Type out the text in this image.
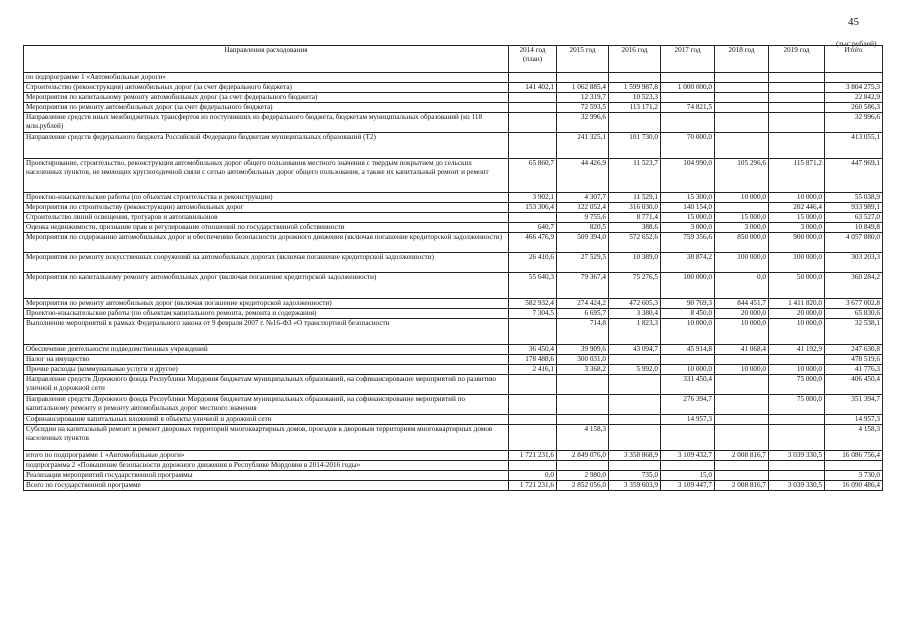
45
(тыс.рублей)
Направления расходования	2014 год (план)	2015 год	2016 год	2017 год	2018 год	2019 год	Итого
по подпрограмме 1 «Автомобильные дороги»							
Строительство (реконструкция) автомобильных дорог (за счет федерального бюджета)	141 402,1	1 062 885,4	1 599 987,8	1 000 000,0			3 804 275,3
Мероприятия по капитальному ремонту автомобильных дорог (за счет федерального бюджета)		12 319,7	10 523,3				22 842,9
Мероприятия по ремонту автомобильных дорог (за счет федерального бюджета)		72 593,5	113 171,2	74 821,5			260 586,3
Направление средств иных межбюджетных трансфертов из поступивших из федерального бюджета, бюджетам муниципальных образований (из 118 млн.рублей)		32 996,6					32 996,6
Направление средств федерального бюджета Российской Федерации бюджетам муниципальных образований (Т2)		241 325,1	101 730,0	70 000,0			413 055,1
Проектирование, строительство, реконструкция автомобильных дорог общего пользования местного значения с твердым покрытием до сельских населенных пунктов, не имеющих круглогодичной связи с сетью автомобильных дорог общего пользования, а также их капитальный ремонт и ремонт	65 860,7	44 426,9	11 523,7	104 990,0	105 296,6	115 871,2	447 969,1
Проектно-изыскательские работы (по объектам строительства и реконструкции)	3 902,1	4 307,7	11 529,1	15 300,0	10 000,0	10 000,0	55 038,9
Мероприятия по строительству (реконструкции) автомобильных дорог	153 306,4	122 052,4	316 030,0	140 154,0		202 446,4	933 989,1
Строительство линий освещения, тротуаров и автопавильонов		9 755,6	8 771,4	15 000,0	15 000,0	15 000,0	63 527,0
Оценка недвижимости, признание прав и регулирование отношений по государственной собственности	640,7	820,5	388,6	3 000,0	3 000,0	3 000,0	10 849,8
Мероприятия по содержанию автомобильных дорог и обеспечению безопасности дорожного движения (включая погашение кредиторской задолженности)	466 476,9	509 394,0	572 652,6	759 356,6	850 000,0	900 000,0	4 057 880,0
Мероприятия по ремонту искусственных сооружений на автомобильных дорогах (включая погашение кредиторской задолженности)	26 410,6	27 529,5	10 389,0	38 874,2	100 000,0	100 000,0	303 203,3
Мероприятия по капитальному ремонту автомобильных дорог (включая погашение кредиторской задолженности)	55 640,3	79 367,4	75 276,5	100 000,0	0,0	50 000,0	360 284,2
Мероприятия по ремонту автомобильных дорог (включая погашение кредиторской задолженности)	582 932,4	274 424,2	472 605,3	90 769,3	844 451,7	1 411 820,0	3 677 002,8
Проектно-изыскательские работы (по объектам капитального ремонта, ремонта и содержания)	7 304,5	6 695,7	3 380,4	8 450,0	20 000,0	20 000,0	65 830,6
Выполнение мероприятий в рамках Федерального закона от 9 февраля 2007 г. №16-ФЗ «О транспортной безопасности		714,8	1 823,3	10 000,0	10 000,0	10 000,0	32 538,1
Обеспечение деятельности подведомственных учреждений	36 450,4	39 909,6	43 094,7	45 914,8	41 068,4	41 192,9	247 630,8
Налог на имущество	178 488,6	300 031,0					478 519,6
Прочие расходы (коммунальные услуги и другое)	2 416,1	3 368,2	5 992,0	10 000,0	10 000,0	10 000,0	41 776,3
Направление средств Дорожного фонда Республики Мордовия бюджетам муниципальных образований, на софинансирование мероприятий по развитию уличной и дорожной сети				331 450,4		75 000,0	406 450,4
Направление средств Дорожного фонда Республики Мордовия бюджетам муниципальных образований, на софинансирование мероприятий по капитальному ремонту и ремонту автомобильных дорог местного значения				276 394,7		75 000,0	351 394,7
Софинансирование капитальных вложений в объекты уличной и дорожной сети				14 957,3			14 957,3
Субсидии на капитальный ремонт и ремонт дворовых территорий многоквартирных домов, проездов к дворовым территориям многоквартирных домов населенных пунктов		4 158,3					4 158,3
итого по подпрограмме 1 «Автомобильные дороги»	1 721 231,6	2 849 076,0	3 358 868,9	3 109 432,7	2 008 816,7	3 039 330,5	16 086 756,4
подпрограмма 2 «Повышение безопасности дорожного движения в Республике Мордовия в 2014-2016 годы»							
Реализация мероприятий государственной программы	0,0	2 980,0	735,0	15,0			3 730,0
Всего по государственной программе	1 721 231,6	2 852 056,0	3 359 603,9	3 109 447,7	2 008 816,7	3 039 330,5	16 090 486,4
